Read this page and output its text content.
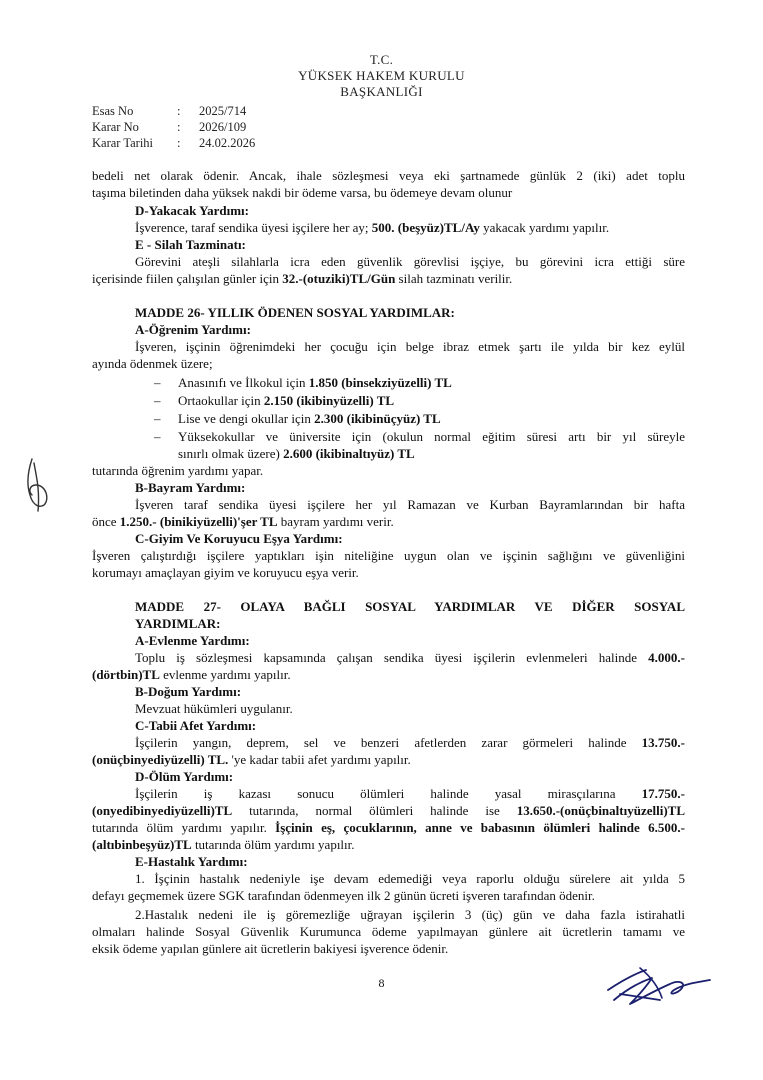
T.C.
YÜKSEK HAKEM KURULU
BAŞKANLIĞI
Esas No	:	2025/714
Karar No	:	2026/109
Karar Tarihi	:	24.02.2026
bedeli net olarak ödenir. Ancak, ihale sözleşmesi veya eki şartnamede günlük 2 (iki) adet toplu
taşıma biletinden daha yüksek nakdi bir ödeme varsa, bu ödemeye devam olunur
D-Yakacak Yardımı:
İşverence, taraf sendika üyesi işçilere her ay; 500. (beşyüz)TL/Ay yakacak yardımı yapılır.
E - Silah Tazminatı:
Görevini ateşli silahlarla icra eden güvenlik görevlisi işçiye, bu görevini icra ettiği süre
içerisinde fiilen çalışılan günler için 32.-(otuziki)TL/Gün silah tazminatı verilir.
MADDE 26- YILLIK ÖDENEN SOSYAL YARDIMLAR:
A-Öğrenim Yardımı:
İşveren, işçinin öğrenimdeki her çocuğu için belge ibraz etmek şartı ile yılda bir kez eylül
ayında ödenmek üzere;
– Anasınıfı ve İlkokul için 1.850 (binsekziyüzelli) TL
– Ortaokullar için 2.150 (ikibinyüzelli) TL
– Lise ve dengi okullar için 2.300 (ikibinüçyüz) TL
– Yüksekokullar ve üniversite için (okulun normal eğitim süresi artı bir yıl süreyle
sınırlı olmak üzere) 2.600 (ikibinaltıyüz) TL
tutarında öğrenim yardımı yapar.
B-Bayram Yardımı:
İşveren taraf sendika üyesi işçilere her yıl Ramazan ve Kurban Bayramlarından bir hafta
önce 1.250.- (binikiyüzelli)'şer TL bayram yardımı verir.
C-Giyim Ve Koruyucu Eşya Yardımı:
İşveren çalıştırdığı işçilere yaptıkları işin niteliğine uygun olan ve işçinin sağlığını ve güvenliğini
korumayı amaçlayan giyim ve koruyucu eşya verir.
MADDE 27- OLAYA BAĞLI SOSYAL YARDIMLAR VE DİĞER SOSYAL
YARDIMLAR:
A-Evlenme Yardımı:
Toplu iş sözleşmesi kapsamında çalışan sendika üyesi işçilerin evlenmeleri halinde 4.000.-
(dörtbin)TL evlenme yardımı yapılır.
B-Doğum Yardımı:
Mevzuat hükümleri uygulanır.
C-Tabii Afet Yardımı:
İşçilerin yangın, deprem, sel ve benzeri afetlerden zarar görmeleri halinde 13.750.-
(onüçbinyediyüzelli) TL. 'ye kadar tabii afet yardımı yapılır.
D-Ölüm Yardımı:
İşçilerin iş kazası sonucu ölümleri halinde yasal mirasçılarına 17.750.-
(onyedibinyediyüzelli)TL tutarında, normal ölümleri halinde ise 13.650.-(onüçbinaltıyüzelli)TL
tutarında ölüm yardımı yapılır. İşçinin eş, çocuklarının, anne ve babasının ölümleri halinde 6.500.-
(altıbinbeşyüz)TL tutarında ölüm yardımı yapılır.
E-Hastalık Yardımı:
1. İşçinin hastalık nedeniyle işe devam edemediği veya raporlu olduğu sürelere ait yılda 5
defayı geçmemek üzere SGK tarafından ödenmeyen ilk 2 günün ücreti işveren tarafından ödenir.
2.Hastalık nedeni ile iş göremezliğe uğrayan işçilerin 3 (üç) gün ve daha fazla istirahatli
olmaları halinde Sosyal Güvenlik Kurumunca ödeme yapılmayan günlere ait ücretlerin tamamı ve
eksik ödeme yapılan günlere ait ücretlerin bakiyesi işverence ödenir.
8
